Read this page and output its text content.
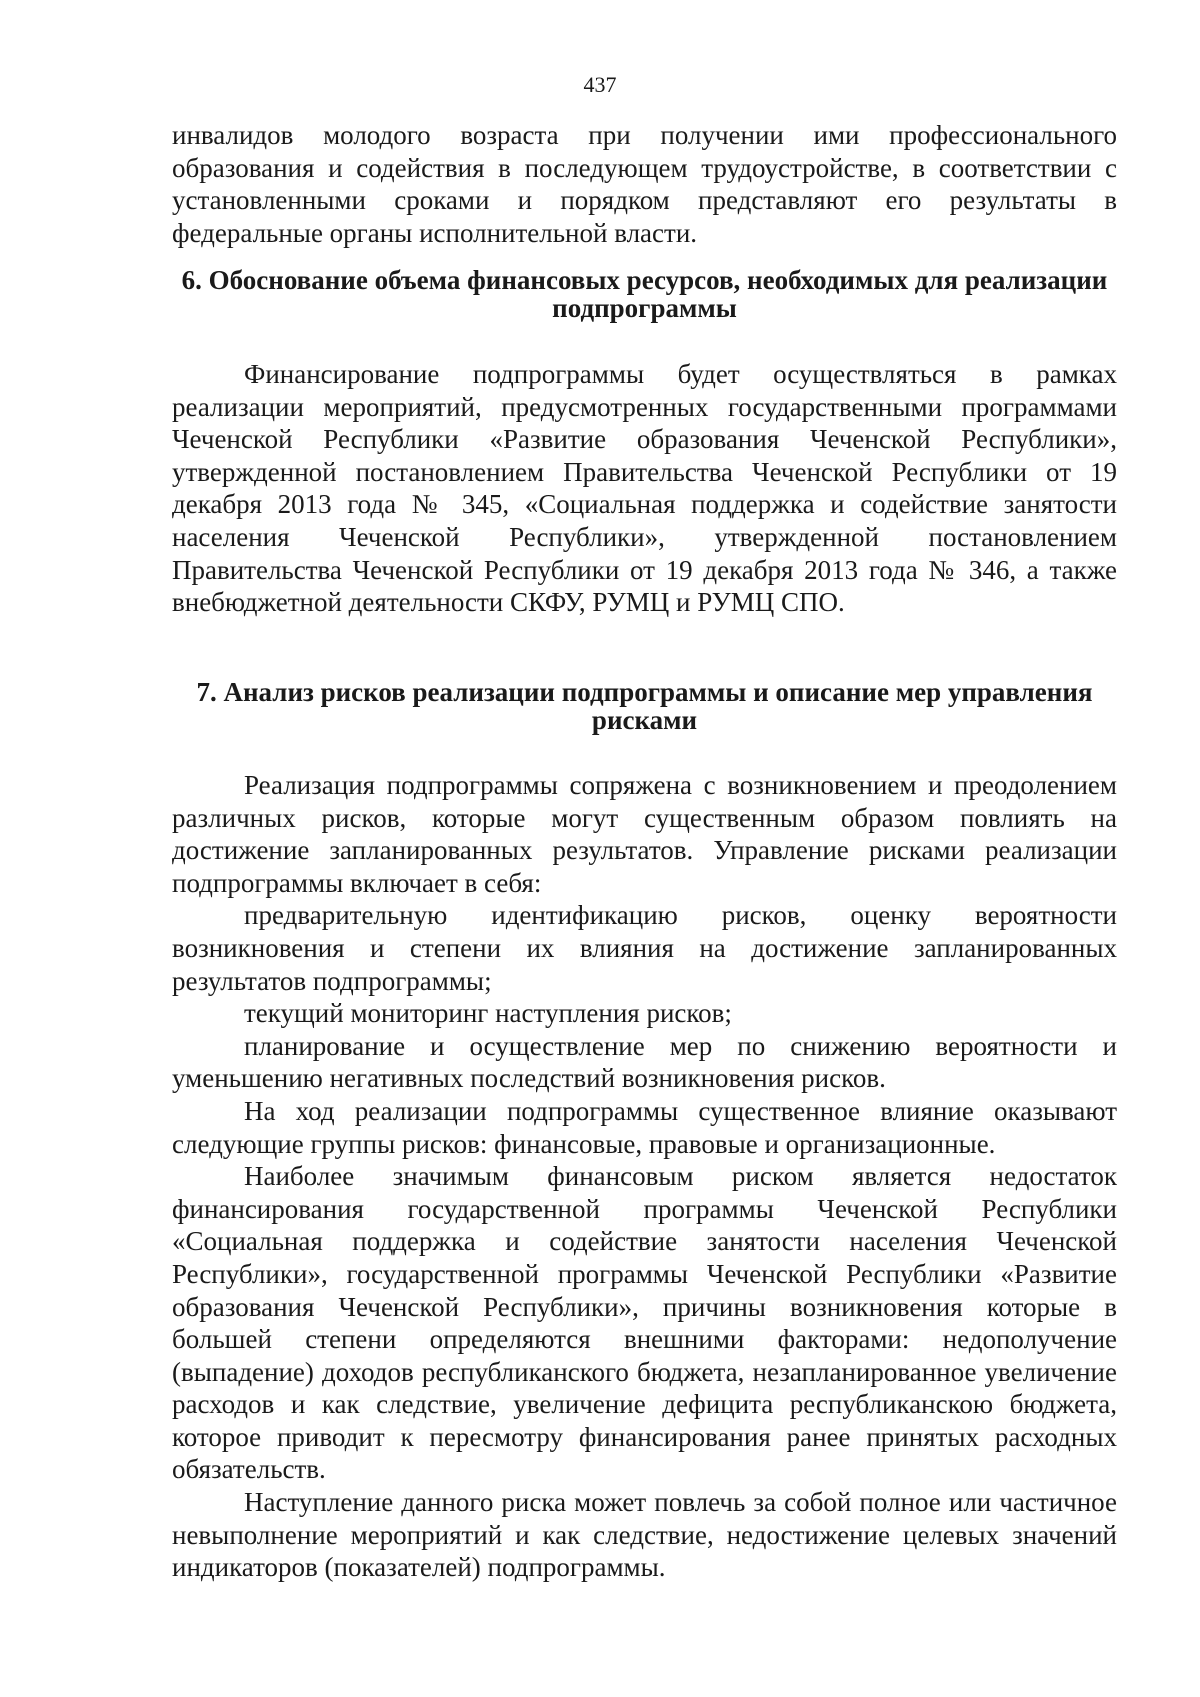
437

инвалидов молодого возраста при получении ими профессионального образования и содействия в последующем трудоустройстве, в соответствии с установленными сроками и порядком представляют его результаты в федеральные органы исполнительной власти.

6. Обоснование объема финансовых ресурсов, необходимых для реализации подпрограммы

Финансирование подпрограммы будет осуществляться в рамках реализации мероприятий, предусмотренных государственными программами Чеченской Республики «Развитие образования Чеченской Республики», утвержденной постановлением Правительства Чеченской Республики от 19 декабря 2013 года № 345, «Социальная поддержка и содействие занятости населения Чеченской Республики», утвержденной постановлением Правительства Чеченской Республики от 19 декабря 2013 года № 346, а также внебюджетной деятельности СКФУ, РУМЦ и РУМЦ СПО.

7. Анализ рисков реализации подпрограммы и описание мер управления рисками

Реализация подпрограммы сопряжена с возникновением и преодолением различных рисков, которые могут существенным образом повлиять на достижение запланированных результатов. Управление рисками реализации подпрограммы включает в себя:

предварительную идентификацию рисков, оценку вероятности возникновения и степени их влияния на достижение запланированных результатов подпрограммы;

текущий мониторинг наступления рисков;

планирование и осуществление мер по снижению вероятности и уменьшению негативных последствий возникновения рисков.

На ход реализации подпрограммы существенное влияние оказывают следующие группы рисков: финансовые, правовые и организационные.

Наиболее значимым финансовым риском является недостаток финансирования государственной программы Чеченской Республики «Социальная поддержка и содействие занятости населения Чеченской Республики», государственной программы Чеченской Республики «Развитие образования Чеченской Республики», причины возникновения которые в большей степени определяются внешними факторами: недополучение (выпадение) доходов республиканского бюджета, незапланированное увеличение расходов и как следствие, увеличение дефицита республиканскою бюджета, которое приводит к пересмотру финансирования ранее принятых расходных обязательств.

Наступление данного риска может повлечь за собой полное или частичное невыполнение мероприятий и как следствие, недостижение целевых значений индикаторов (показателей) подпрограммы.
